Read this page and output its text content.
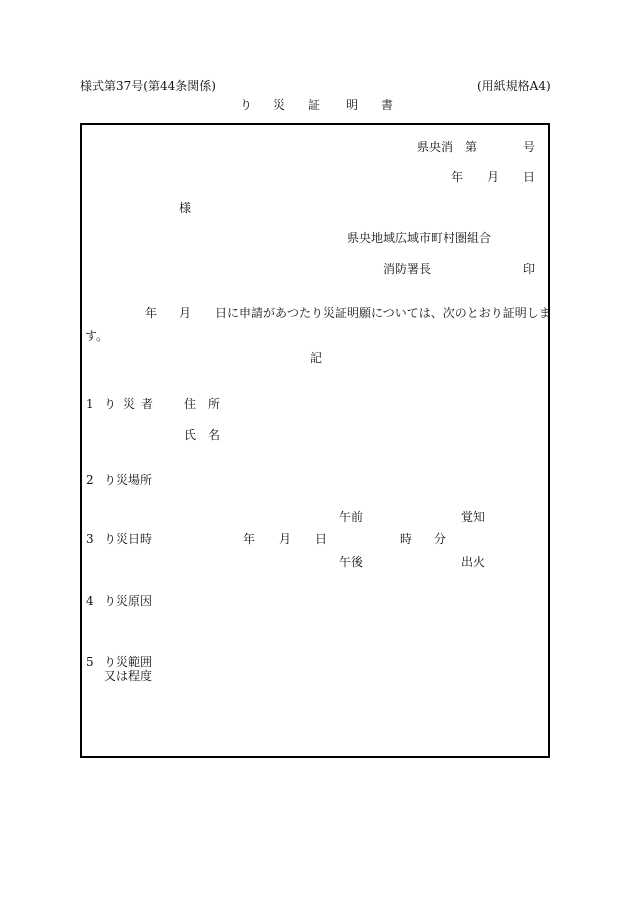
様式第37号(第44条関係)	(用紙規格A4)
り 災 証 明 書
県央消　第	号
年 月 日
様
県央地域広域市町村圏組合
消防署長	印
年 月 日に申請があつたり災証明願については、次のとおり証明しま
す。
記
1 り 災 者	住 所
氏 名
2 り災場所
午前	覚知
3 り災日時	年 月 日	時 分
午後	出火
4 り災原因
5 り災範囲
又は程度
